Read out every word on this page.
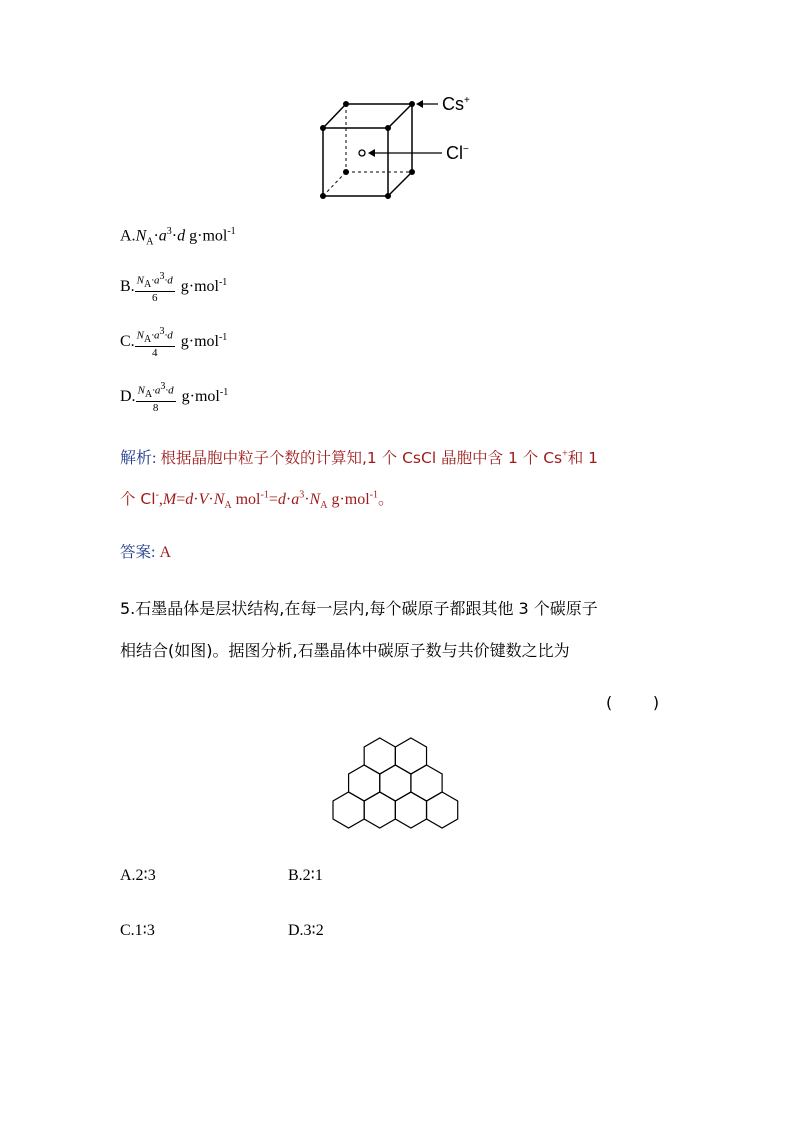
Cs+
Cl−
$A.N_A\cdot a^3\cdot d$ g·mol$^{-1}$
B. $\frac{N_A\cdot a^3\cdot d}{6} g\cdot mol^{-1}$
C. $\frac{N_A\cdot a^3\cdot d}{4} g\cdot mol^{-1}$
D. $\frac{N_A\cdot a^3\cdot d}{8} g\cdot mol^{-1}$
解析: 根据晶胞中粒子个数的计算知,1 个 CsCl 晶胞中含 1 个 Cs+和 1
个 $Cl^-,M=d\cdot V\cdot N_A$ $mol^{-1}=d\cdot a^3\cdot N_A$ g·mol$^{-1}$。
答案: A
5.石墨晶体是层状结构,在每一层内,每个碳原子都跟其他 3 个碳原子
相结合(如图)。据图分析,石墨晶体中碳原子数与共价键数之比为
(        )
A.2∶3	B.2∶1
C.1∶3	D.3∶2
